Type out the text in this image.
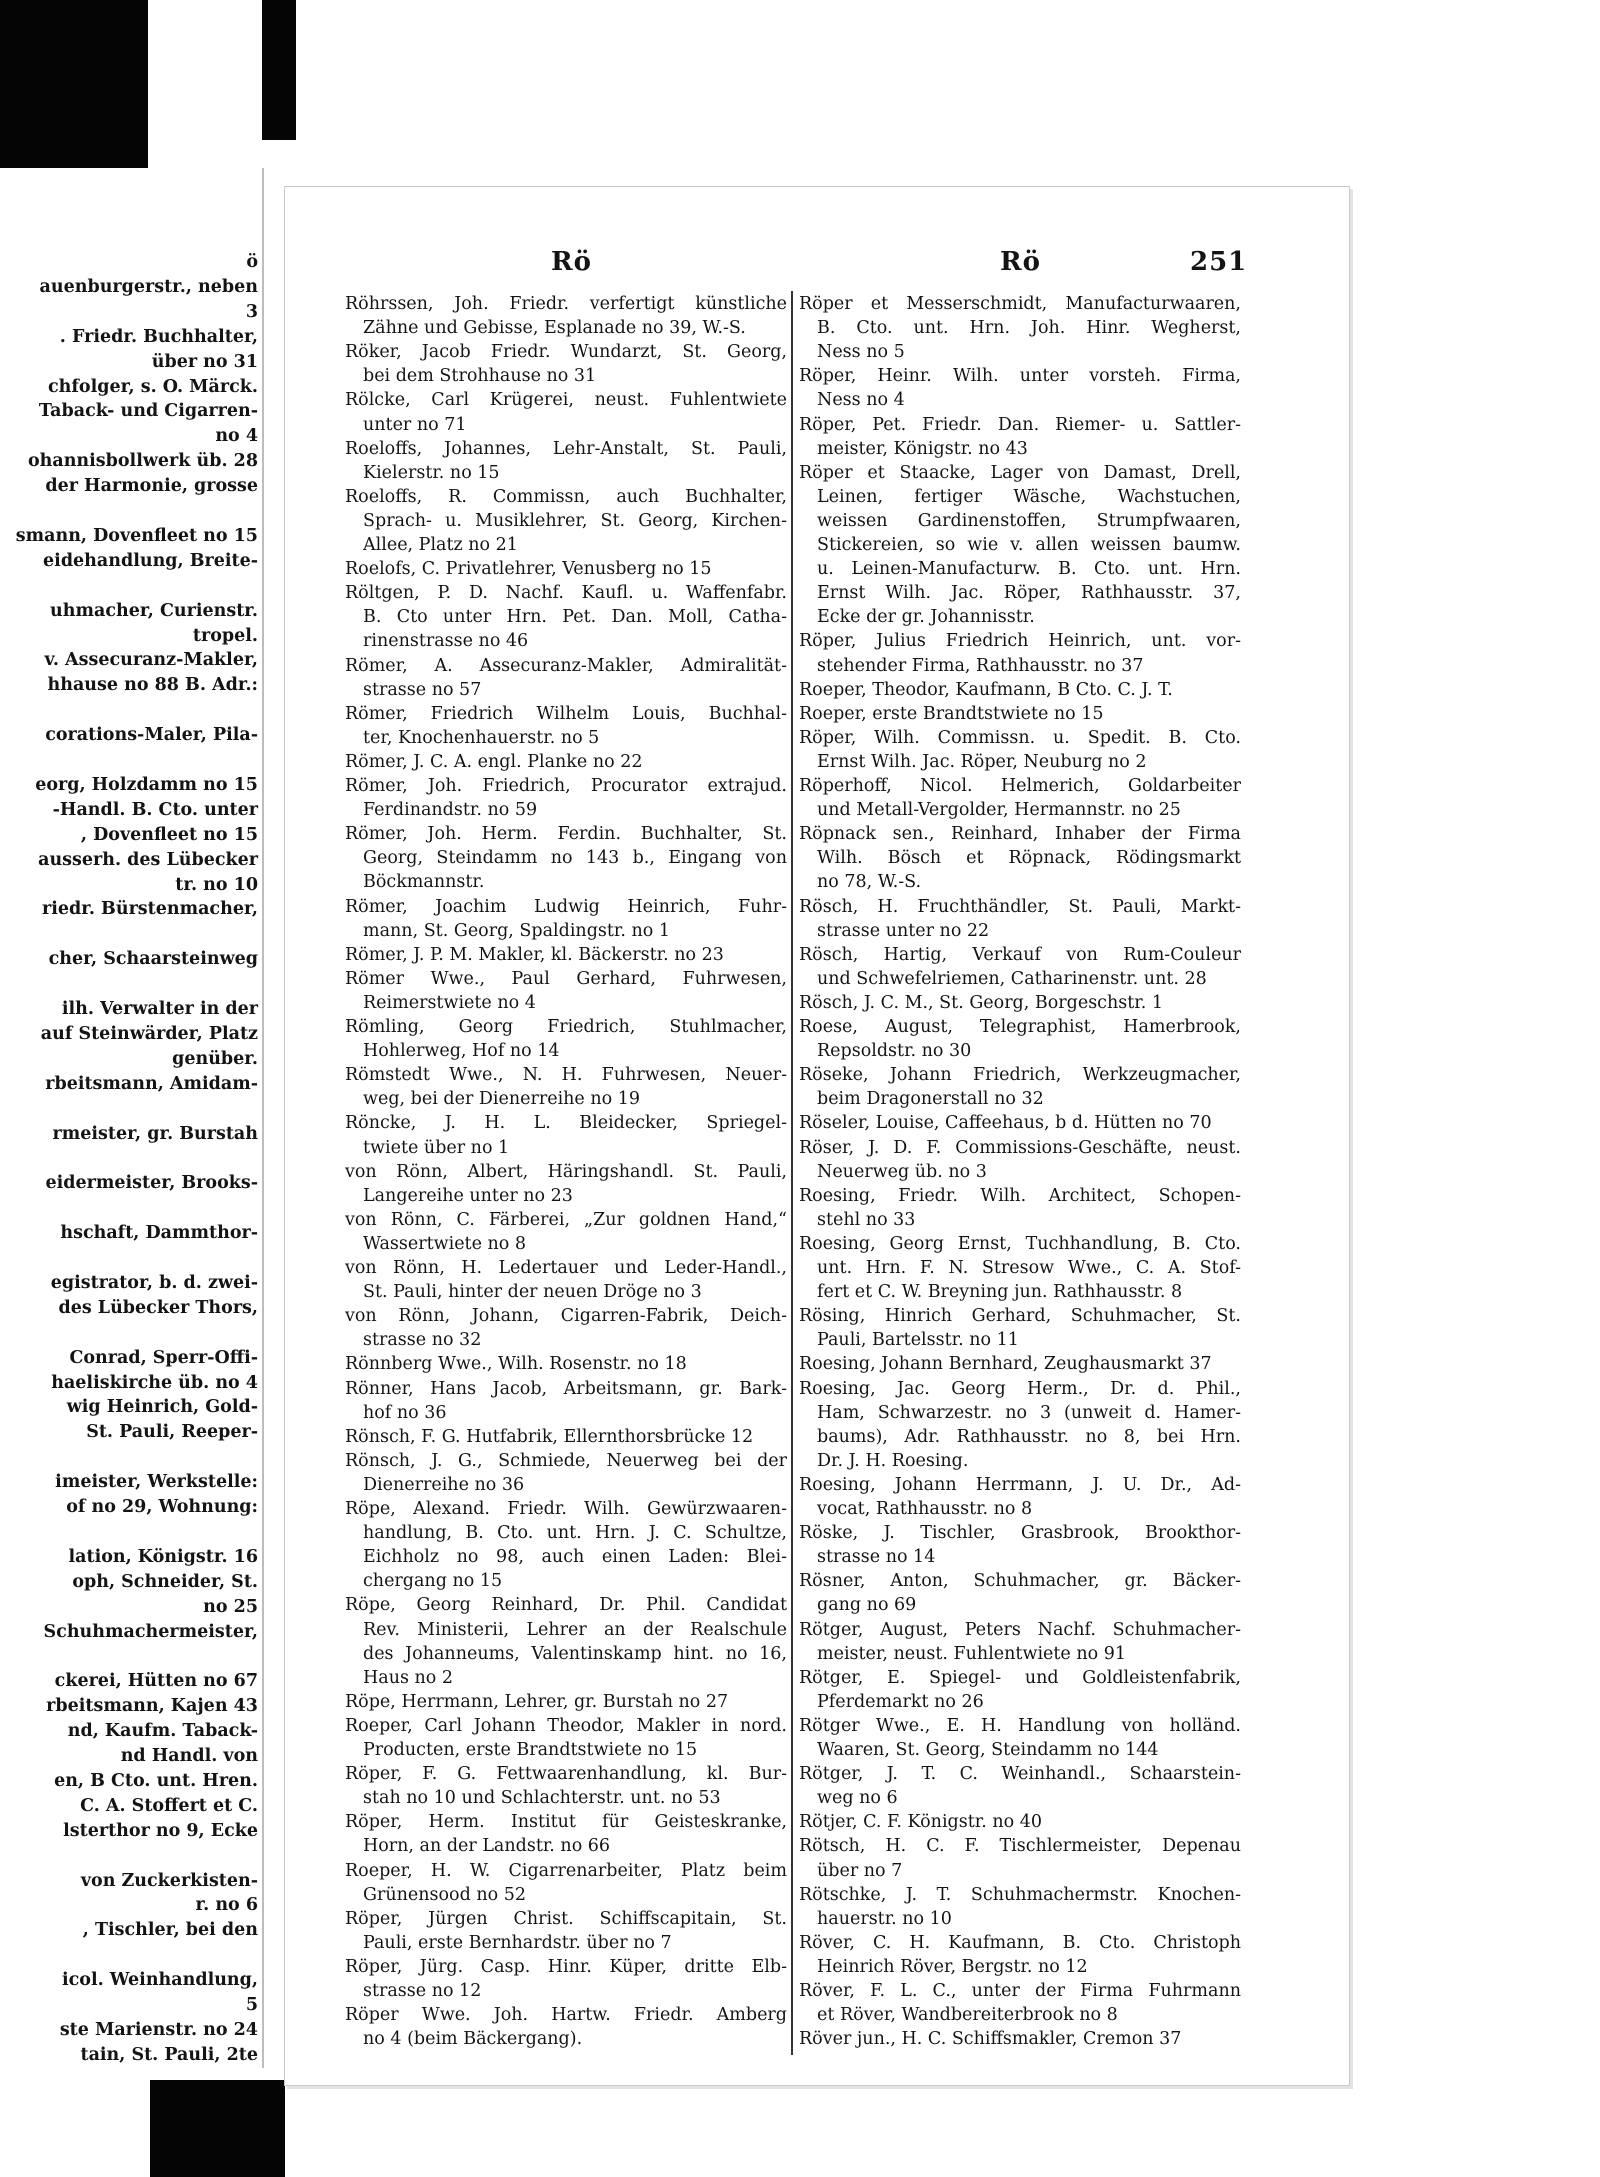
ö
auenburgerstr., neben
3
. Friedr. Buchhalter,
über no 31
chfolger, s. O. Märck.
Taback- und Cigarren-
no 4
ohannisbollwerk üb. 28
der Harmonie, grosse
smann, Dovenfleet no 15
eidehandlung, Breite-
uhmacher, Curienstr.
tropel.
v. Assecuranz-Makler,
hhause no 88 B. Adr.:
corations-Maler, Pila-
eorg, Holzdamm no 15
-Handl. B. Cto. unter
, Dovenfleet no 15
ausserh. des Lübecker
tr. no 10
riedr. Bürstenmacher,
cher, Schaarsteinweg
ilh. Verwalter in der
auf Steinwärder, Platz
genüber.
rbeitsmann, Amidam-
rmeister, gr. Burstah
eidermeister, Brooks-
hschaft, Dammthor-
egistrator, b. d. zwei-
des Lübecker Thors,
Conrad, Sperr-Offi-
haeliskirche üb. no 4
wig Heinrich, Gold-
St. Pauli, Reeper-
imeister, Werkstelle:
of no 29, Wohnung:
lation, Königstr. 16
oph, Schneider, St.
no 25
Schuhmachermeister,
ckerei, Hütten no 67
rbeitsmann, Kajen 43
nd, Kaufm. Taback-
nd Handl. von
en, B Cto. unt. Hren.
C. A. Stoffert et C.
lsterthor no 9, Ecke
von Zuckerkisten-
r. no 6
, Tischler, bei den
icol. Weinhandlung,
5
ste Marienstr. no 24
tain, St. Pauli, 2te
Rö	Rö	251
Röhrssen, Joh. Friedr. verfertigt künstliche
Zähne und Gebisse, Esplanade no 39, W.-S.
Röker, Jacob Friedr. Wundarzt, St. Georg,
bei dem Strohhause no 31
Rölcke, Carl Krügerei, neust. Fuhlentwiete
unter no 71
Roeloffs, Johannes, Lehr-Anstalt, St. Pauli,
Kielerstr. no 15
Roeloffs, R. Commissn, auch Buchhalter,
Sprach- u. Musiklehrer, St. Georg, Kirchen-
Allee, Platz no 21
Roelofs, C. Privatlehrer, Venusberg no 15
Röltgen, P. D. Nachf. Kaufl. u. Waffenfabr.
B. Cto unter Hrn. Pet. Dan. Moll, Catha-
rinenstrasse no 46
Römer, A. Assecuranz-Makler, Admiralität-
strasse no 57
Römer, Friedrich Wilhelm Louis, Buchhal-
ter, Knochenhauerstr. no 5
Römer, J. C. A. engl. Planke no 22
Römer, Joh. Friedrich, Procurator extrajud.
Ferdinandstr. no 59
Römer, Joh. Herm. Ferdin. Buchhalter, St.
Georg, Steindamm no 143 b., Eingang von
Böckmannstr.
Römer, Joachim Ludwig Heinrich, Fuhr-
mann, St. Georg, Spaldingstr. no 1
Römer, J. P. M. Makler, kl. Bäckerstr. no 23
Römer Wwe., Paul Gerhard, Fuhrwesen,
Reimerstwiete no 4
Römling, Georg Friedrich, Stuhlmacher,
Hohlerweg, Hof no 14
Römstedt Wwe., N. H. Fuhrwesen, Neuer-
weg, bei der Dienerreihe no 19
Röncke, J. H. L. Bleidecker, Spriegel-
twiete über no 1
von Rönn, Albert, Häringshandl. St. Pauli,
Langereihe unter no 23
von Rönn, C. Färberei, „Zur goldnen Hand,“
Wassertwiete no 8
von Rönn, H. Ledertauer und Leder-Handl.,
St. Pauli, hinter der neuen Dröge no 3
von Rönn, Johann, Cigarren-Fabrik, Deich-
strasse no 32
Rönnberg Wwe., Wilh. Rosenstr. no 18
Rönner, Hans Jacob, Arbeitsmann, gr. Bark-
hof no 36
Rönsch, F. G. Hutfabrik, Ellernthorsbrücke 12
Rönsch, J. G., Schmiede, Neuerweg bei der
Dienerreihe no 36
Röpe, Alexand. Friedr. Wilh. Gewürzwaaren-
handlung, B. Cto. unt. Hrn. J. C. Schultze,
Eichholz no 98, auch einen Laden: Blei-
chergang no 15
Röpe, Georg Reinhard, Dr. Phil. Candidat
Rev. Ministerii, Lehrer an der Realschule
des Johanneums, Valentinskamp hint. no 16,
Haus no 2
Röpe, Herrmann, Lehrer, gr. Burstah no 27
Roeper, Carl Johann Theodor, Makler in nord.
Producten, erste Brandtstwiete no 15
Röper, F. G. Fettwaarenhandlung, kl. Bur-
stah no 10 und Schlachterstr. unt. no 53
Röper, Herm. Institut für Geisteskranke,
Horn, an der Landstr. no 66
Roeper, H. W. Cigarrenarbeiter, Platz beim
Grünensood no 52
Röper, Jürgen Christ. Schiffscapitain, St.
Pauli, erste Bernhardstr. über no 7
Röper, Jürg. Casp. Hinr. Küper, dritte Elb-
strasse no 12
Röper Wwe. Joh. Hartw. Friedr. Amberg
no 4 (beim Bäckergang).
Röper et Messerschmidt, Manufacturwaaren,
B. Cto. unt. Hrn. Joh. Hinr. Wegherst,
Ness no 5
Röper, Heinr. Wilh. unter vorsteh. Firma,
Ness no 4
Röper, Pet. Friedr. Dan. Riemer- u. Sattler-
meister, Königstr. no 43
Röper et Staacke, Lager von Damast, Drell,
Leinen, fertiger Wäsche, Wachstuchen,
weissen Gardinenstoffen, Strumpfwaaren,
Stickereien, so wie v. allen weissen baumw.
u. Leinen-Manufacturw. B. Cto. unt. Hrn.
Ernst Wilh. Jac. Röper, Rathhausstr. 37,
Ecke der gr. Johannisstr.
Röper, Julius Friedrich Heinrich, unt. vor-
stehender Firma, Rathhausstr. no 37
Roeper, Theodor, Kaufmann, B Cto. C. J. T.
Roeper, erste Brandtstwiete no 15
Röper, Wilh. Commissn. u. Spedit. B. Cto.
Ernst Wilh. Jac. Röper, Neuburg no 2
Röperhoff, Nicol. Helmerich, Goldarbeiter
und Metall-Vergolder, Hermannstr. no 25
Röpnack sen., Reinhard, Inhaber der Firma
Wilh. Bösch et Röpnack, Rödingsmarkt
no 78, W.-S.
Rösch, H. Fruchthändler, St. Pauli, Markt-
strasse unter no 22
Rösch, Hartig, Verkauf von Rum-Couleur
und Schwefelriemen, Catharinenstr. unt. 28
Rösch, J. C. M., St. Georg, Borgeschstr. 1
Roese, August, Telegraphist, Hamerbrook,
Repsoldstr. no 30
Röseke, Johann Friedrich, Werkzeugmacher,
beim Dragonerstall no 32
Röseler, Louise, Caffeehaus, b d. Hütten no 70
Röser, J. D. F. Commissions-Geschäfte, neust.
Neuerweg üb. no 3
Roesing, Friedr. Wilh. Architect, Schopen-
stehl no 33
Roesing, Georg Ernst, Tuchhandlung, B. Cto.
unt. Hrn. F. N. Stresow Wwe., C. A. Stof-
fert et C. W. Breyning jun. Rathhausstr. 8
Rösing, Hinrich Gerhard, Schuhmacher, St.
Pauli, Bartelsstr. no 11
Roesing, Johann Bernhard, Zeughausmarkt 37
Roesing, Jac. Georg Herm., Dr. d. Phil.,
Ham, Schwarzestr. no 3 (unweit d. Hamer-
baums), Adr. Rathhausstr. no 8, bei Hrn.
Dr. J. H. Roesing.
Roesing, Johann Herrmann, J. U. Dr., Ad-
vocat, Rathhausstr. no 8
Röske, J. Tischler, Grasbrook, Brookthor-
strasse no 14
Rösner, Anton, Schuhmacher, gr. Bäcker-
gang no 69
Rötger, August, Peters Nachf. Schuhmacher-
meister, neust. Fuhlentwiete no 91
Rötger, E. Spiegel- und Goldleistenfabrik,
Pferdemarkt no 26
Rötger Wwe., E. H. Handlung von holländ.
Waaren, St. Georg, Steindamm no 144
Rötger, J. T. C. Weinhandl., Schaarstein-
weg no 6
Rötjer, C. F. Königstr. no 40
Rötsch, H. C. F. Tischlermeister, Depenau
über no 7
Rötschke, J. T. Schuhmachermstr. Knochen-
hauerstr. no 10
Röver, C. H. Kaufmann, B. Cto. Christoph
Heinrich Röver, Bergstr. no 12
Röver, F. L. C., unter der Firma Fuhrmann
et Röver, Wandbereiterbrook no 8
Röver jun., H. C. Schiffsmakler, Cremon 37
